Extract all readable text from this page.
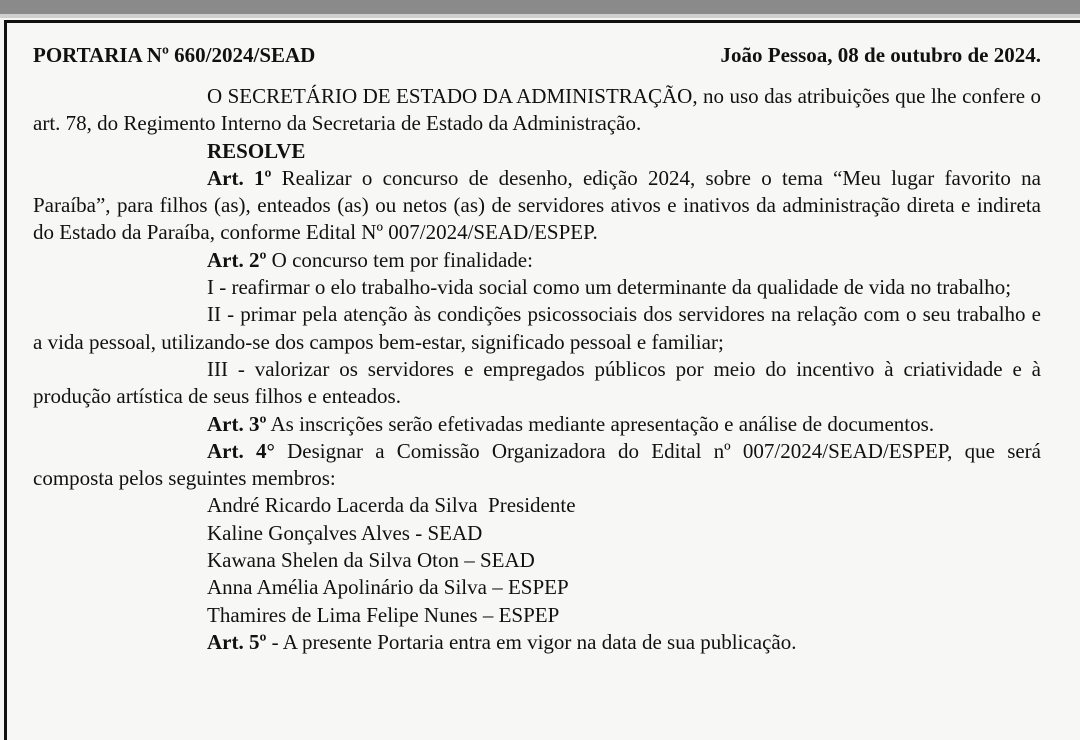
PORTARIA Nº 660/2024/SEAD	João Pessoa, 08 de outubro de 2024.
O SECRETÁRIO DE ESTADO DA ADMINISTRAÇÃO, no uso das atribuições que lhe confere o art. 78, do Regimento Interno da Secretaria de Estado da Administração.
RESOLVE
Art. 1º Realizar o concurso de desenho, edição 2024, sobre o tema “Meu lugar favorito na Paraíba”, para filhos (as), enteados (as) ou netos (as) de servidores ativos e inativos da administração direta e indireta do Estado da Paraíba, conforme Edital Nº 007/2024/SEAD/ESPEP.
Art. 2º O concurso tem por finalidade:
I - reafirmar o elo trabalho-vida social como um determinante da qualidade de vida no trabalho;
II - primar pela atenção às condições psicossociais dos servidores na relação com o seu trabalho e a vida pessoal, utilizando-se dos campos bem-estar, significado pessoal e familiar;
III - valorizar os servidores e empregados públicos por meio do incentivo à criatividade e à produção artística de seus filhos e enteados.
Art. 3º As inscrições serão efetivadas mediante apresentação e análise de documentos.
Art. 4° Designar a Comissão Organizadora do Edital nº 007/2024/SEAD/ESPEP, que será composta pelos seguintes membros:
André Ricardo Lacerda da Silva  Presidente
Kaline Gonçalves Alves - SEAD
Kawana Shelen da Silva Oton – SEAD
Anna Amélia Apolinário da Silva – ESPEP
Thamires de Lima Felipe Nunes – ESPEP
Art. 5º - A presente Portaria entra em vigor na data de sua publicação.
